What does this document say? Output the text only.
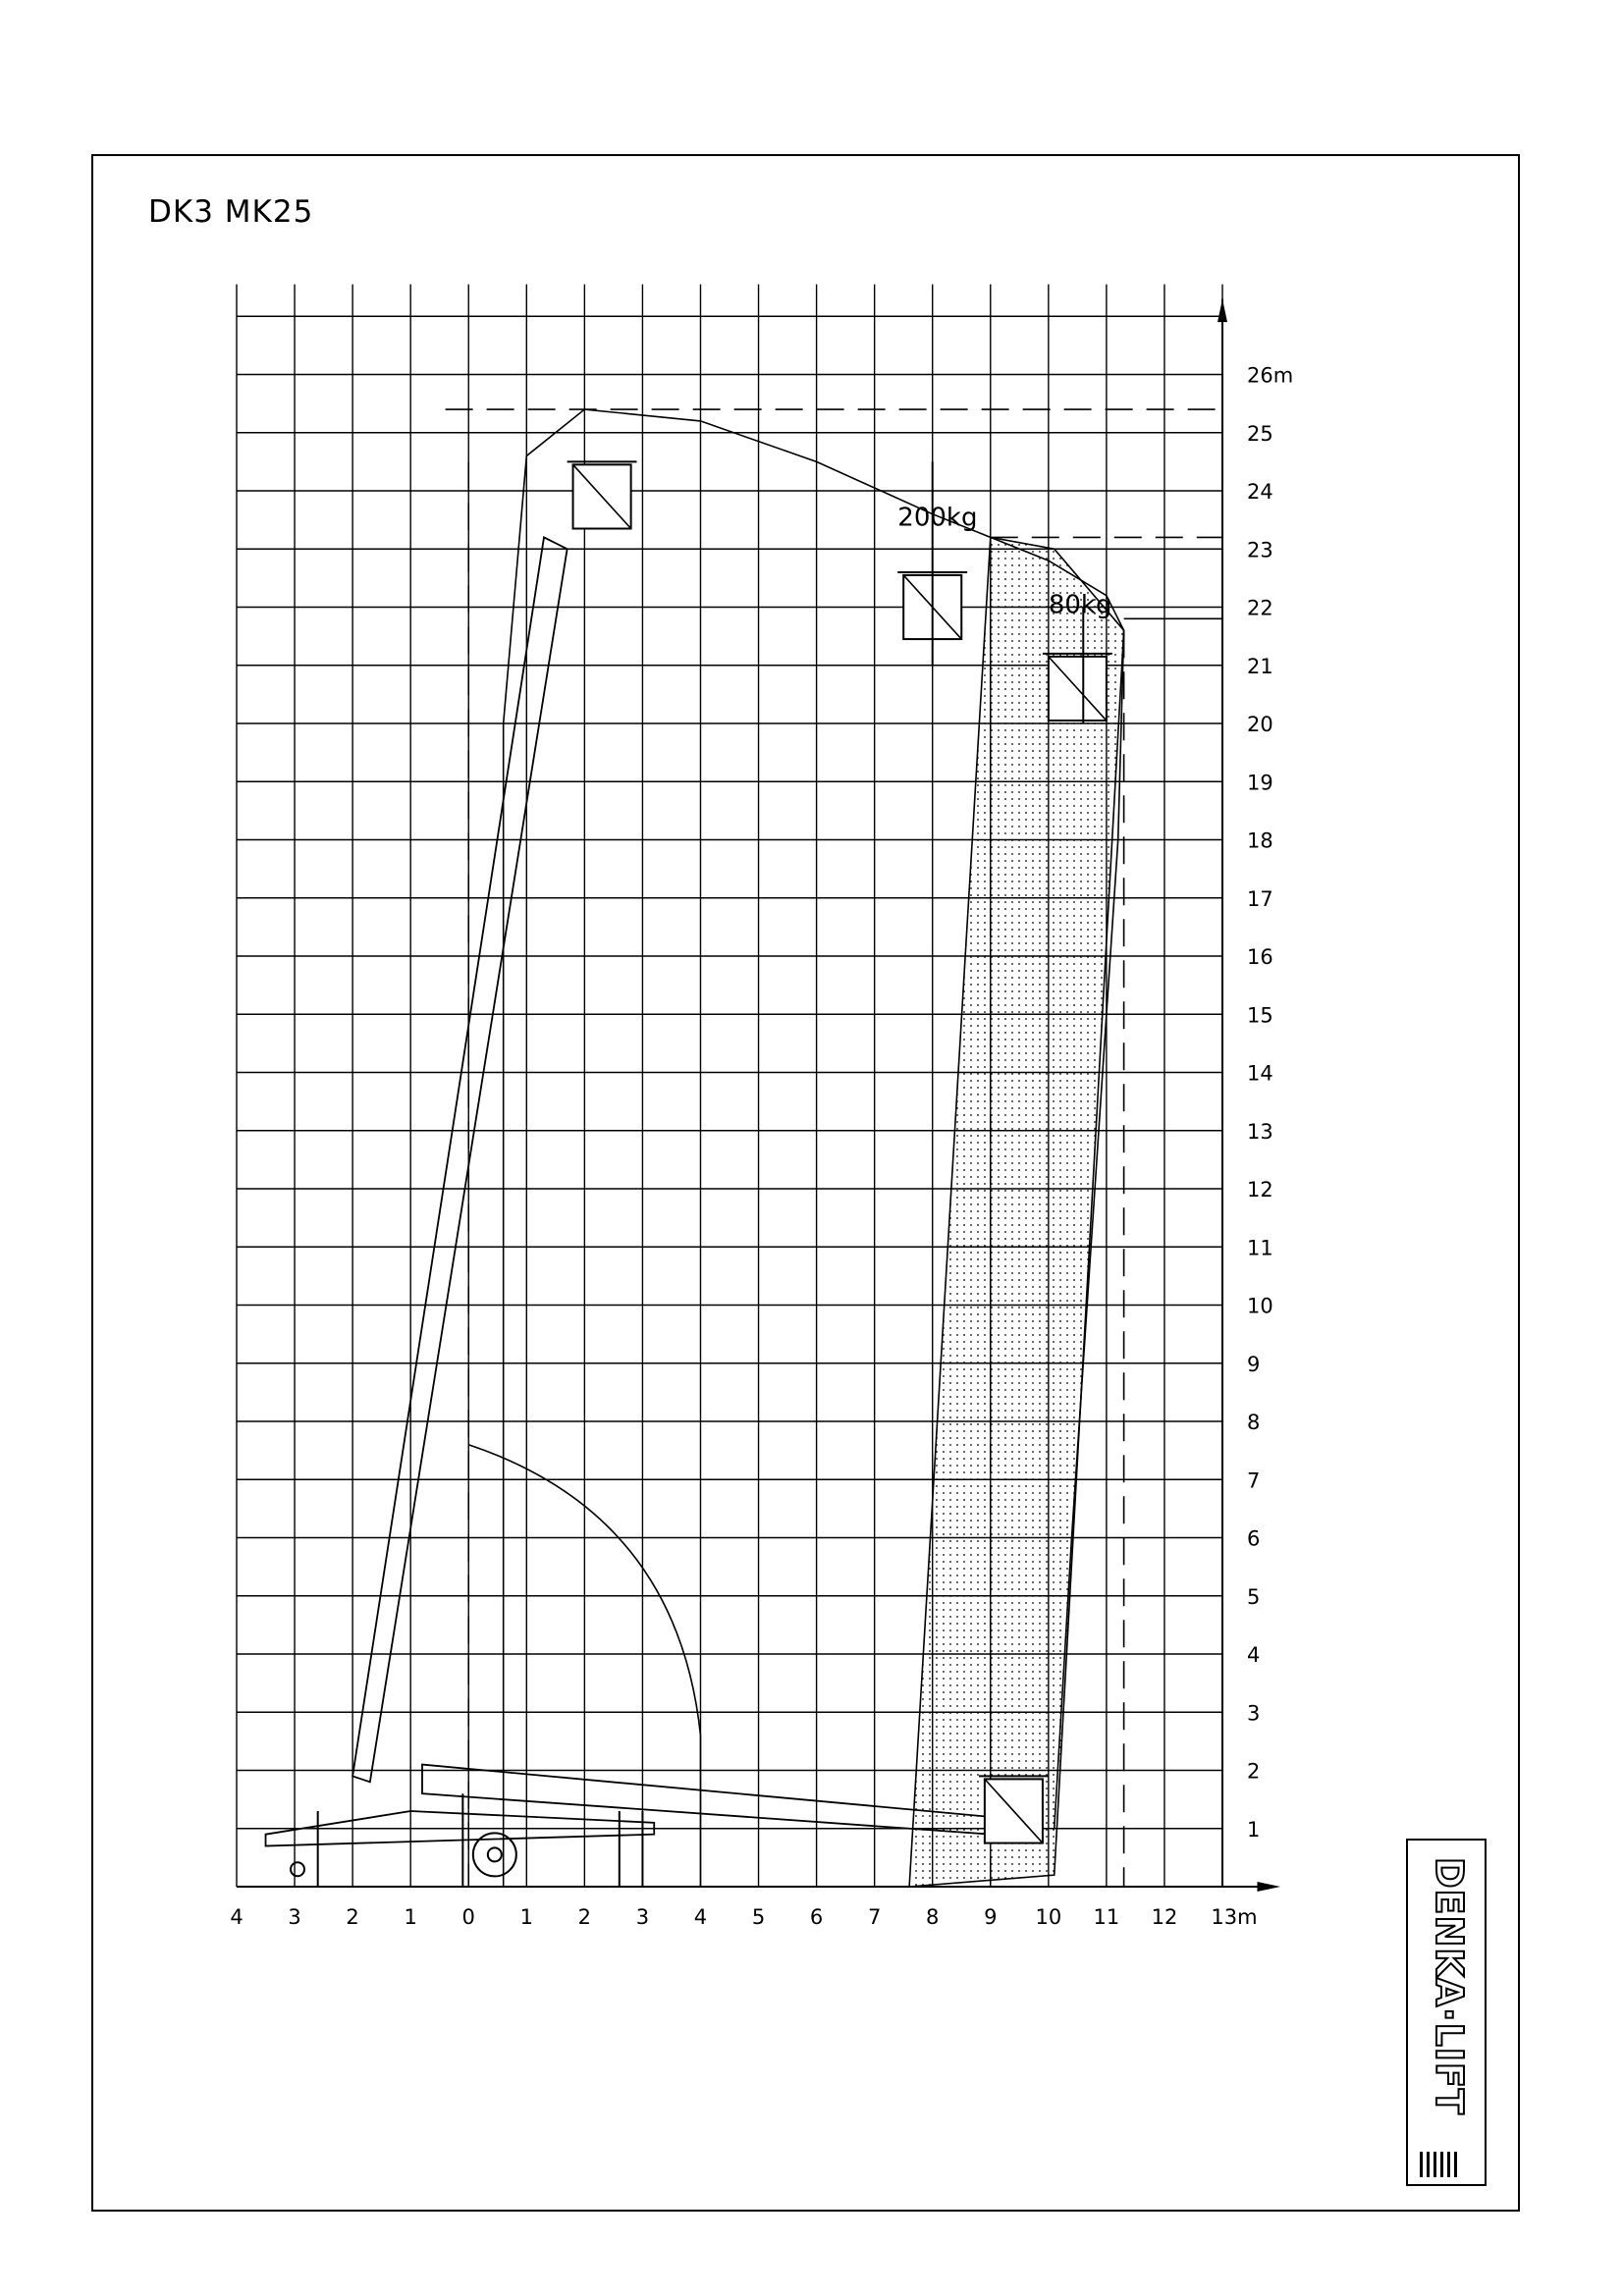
DK3 MK25
4 3 2 1 0 1 2 3 4 5 6 7 8 9 10 11 12 13m
1
2
3
4
5
6
7
8
9
10
11
12
13
14
15
16
17
18
19
20
21
22
23
24
25
26m
200kg
80kg
DENKA·LIFT
